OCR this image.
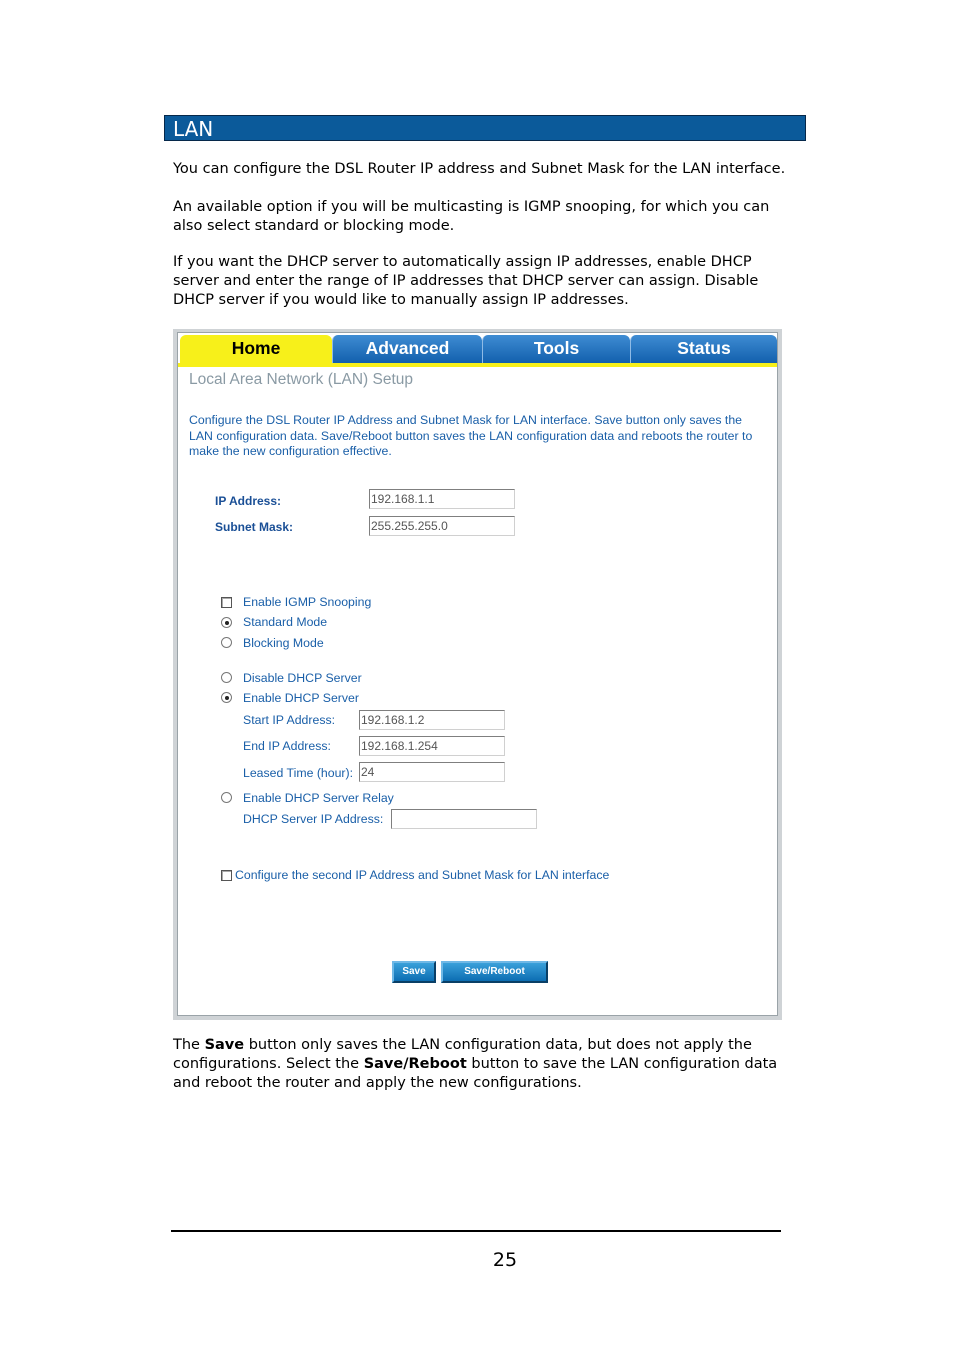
LAN
You can configure the DSL Router IP address and Subnet Mask for the LAN interface.
An available option if you will be multicasting is IGMP snooping, for which you can also select standard or blocking mode.
If you want the DHCP server to automatically assign IP addresses, enable DHCP server and enter the range of IP addresses that DHCP server can assign. Disable DHCP server if you would like to manually assign IP addresses.
Home	Advanced	Tools	Status
Local Area Network (LAN) Setup
Configure the DSL Router IP Address and Subnet Mask for LAN interface. Save button only saves the LAN configuration data. Save/Reboot button saves the LAN configuration data and reboots the router to make the new configuration effective.
IP Address:	192.168.1.1
Subnet Mask:	255.255.255.0
Enable IGMP Snooping
Standard Mode
Blocking Mode
Disable DHCP Server
Enable DHCP Server
Start IP Address: 192.168.1.2
End IP Address:	192.168.1.254
Leased Time (hour): 24
Enable DHCP Server Relay
DHCP Server IP Address:
Configure the second IP Address and Subnet Mask for LAN interface
Save	Save/Reboot
The Save button only saves the LAN configuration data, but does not apply the configurations. Select the Save/Reboot button to save the LAN configuration data and reboot the router and apply the new configurations.
25
